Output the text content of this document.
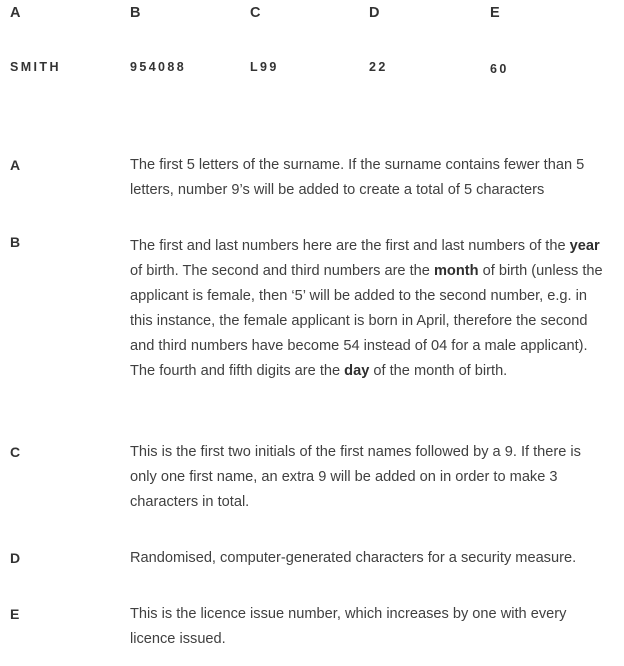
A	B	C	D	E
SMITH	954088	L99	22	60
A	The first 5 letters of the surname. If the surname contains fewer than 5 letters, number 9’s will be added to create a total of 5 characters
B	The first and last numbers here are the first and last numbers of the year of birth. The second and third numbers are the month of birth (unless the applicant is female, then ‘5’ will be added to the second number, e.g. in this instance, the female applicant is born in April, therefore the second and third numbers have become 54 instead of 04 for a male applicant). The fourth and fifth digits are the day of the month of birth.
C	This is the first two initials of the first names followed by a 9. If there is only one first name, an extra 9 will be added on in order to make 3 characters in total.
D	Randomised, computer-generated characters for a security measure.
E	This is the licence issue number, which increases by one with every licence issued.
